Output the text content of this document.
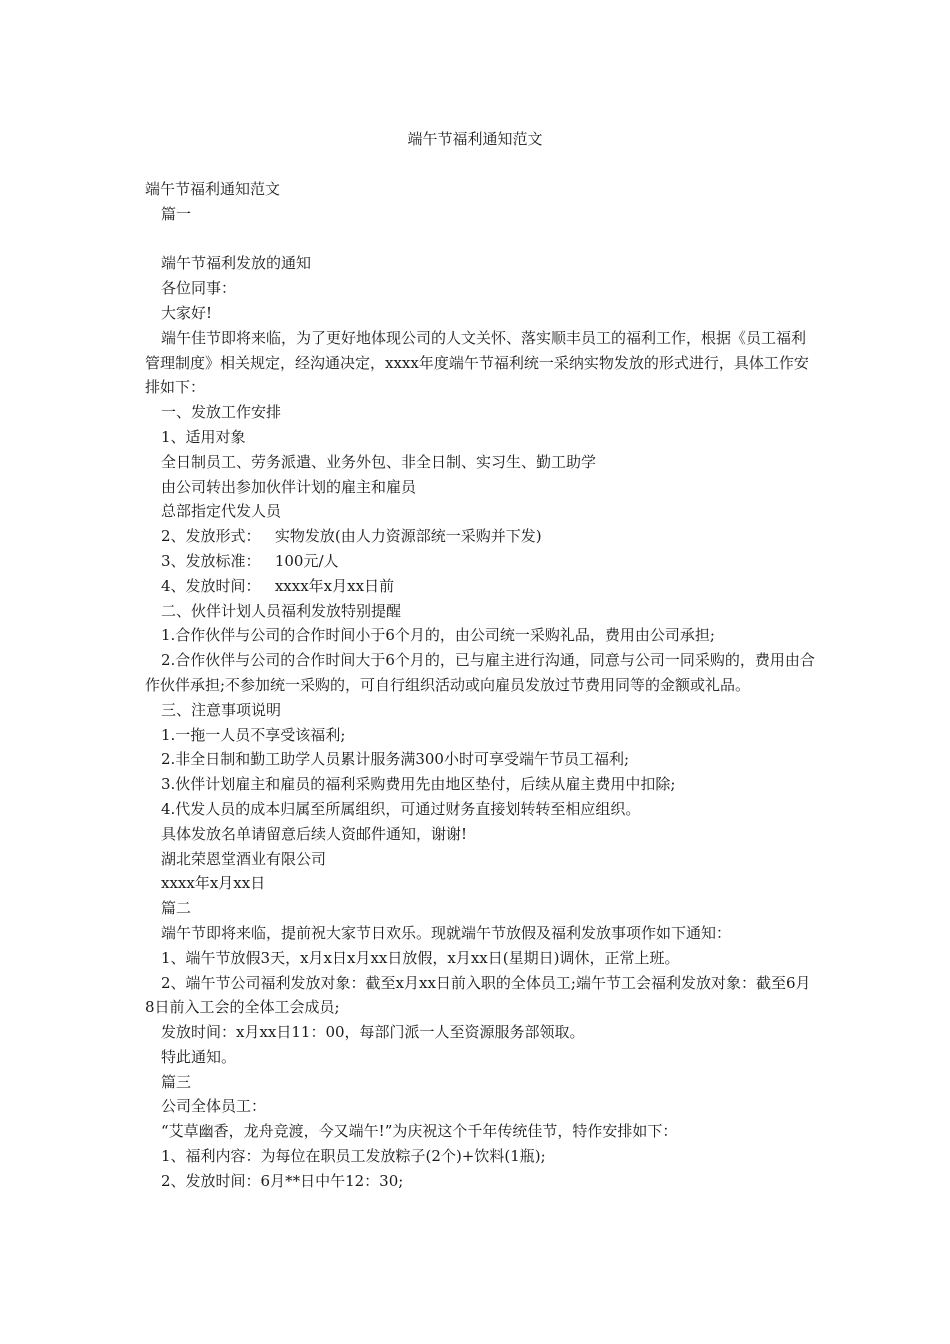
端午节福利通知范文

端午节福利通知范文

篇一

端午节福利发放的通知

各位同事：

大家好!

端午佳节即将来临，为了更好地体现公司的人文关怀、落实顺丰员工的福利工作，根据《员工福利管理制度》相关规定，经沟通决定，xxxx年度端午节福利统一采纳实物发放的形式进行，具体工作安排如下：

一、发放工作安排

1、适用对象

全日制员工、劳务派遣、业务外包、非全日制、实习生、勤工助学

由公司转出参加伙伴计划的雇主和雇员

总部指定代发人员

2、发放形式：   实物发放(由人力资源部统一采购并下发)

3、发放标准：   100元/人

4、发放时间：   xxxx年x月xx日前

二、伙伴计划人员福利发放特别提醒

1.合作伙伴与公司的合作时间小于6个月的，由公司统一采购礼品，费用由公司承担;

2.合作伙伴与公司的合作时间大于6个月的，已与雇主进行沟通，同意与公司一同采购的，费用由合作伙伴承担;不参加统一采购的，可自行组织活动或向雇员发放过节费用同等的金额或礼品。

三、注意事项说明

1.一拖一人员不享受该福利;

2.非全日制和勤工助学人员累计服务满300小时可享受端午节员工福利;

3.伙伴计划雇主和雇员的福利采购费用先由地区垫付，后续从雇主费用中扣除;

4.代发人员的成本归属至所属组织，可通过财务直接划转转至相应组织。

具体发放名单请留意后续人资邮件通知，谢谢!

湖北荣恩堂酒业有限公司

xxxx年x月xx日

篇二

端午节即将来临，提前祝大家节日欢乐。现就端午节放假及福利发放事项作如下通知：

1、端午节放假3天，x月x日x月xx日放假，x月xx日(星期日)调休，正常上班。

2、端午节公司福利发放对象：截至x月xx日前入职的全体员工;端午节工会福利发放对象：截至6月8日前入工会的全体工会成员;

发放时间：x月xx日11：00，每部门派一人至资源服务部领取。

特此通知。

篇三

公司全体员工：

“艾草幽香，龙舟竞渡，今又端午!”为庆祝这个千年传统佳节，特作安排如下：

1、福利内容：为每位在职员工发放粽子(2个)+饮料(1瓶);

2、发放时间：6月**日中午12：30;
